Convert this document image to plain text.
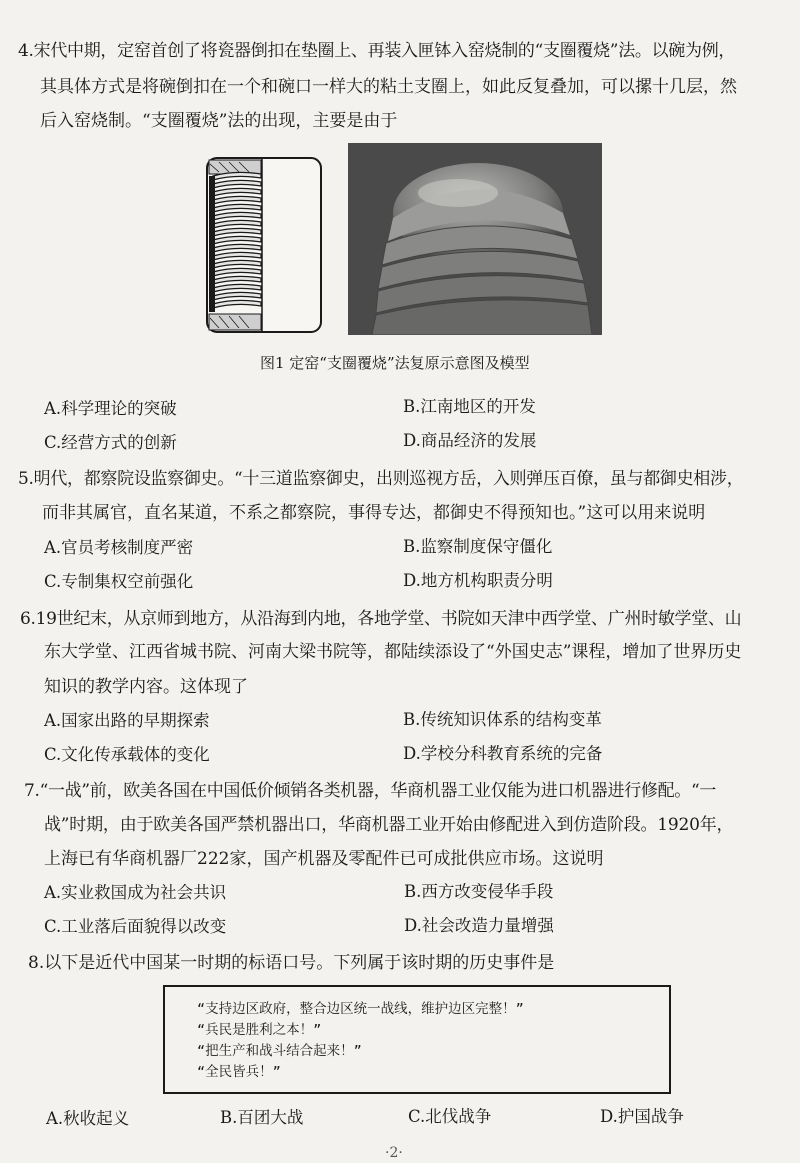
4.宋代中期，定窑首创了将瓷器倒扣在垫圈上、再装入匣钵入窑烧制的“支圈覆烧”法。以碗为例，
其具体方式是将碗倒扣在一个和碗口一样大的粘土支圈上，如此反复叠加，可以摞十几层，然
后入窑烧制。“支圈覆烧”法的出现，主要是由于
图1 定窑“支圈覆烧”法复原示意图及模型
A.科学理论的突破	B.江南地区的开发
C.经营方式的创新	D.商品经济的发展
5.明代，都察院设监察御史。“十三道监察御史，出则巡视方岳，入则弹压百僚，虽与都御史相涉，
而非其属官，直名某道，不系之都察院，事得专达，都御史不得预知也。”这可以用来说明
A.官员考核制度严密	B.监察制度保守僵化
C.专制集权空前强化	D.地方机构职责分明
6.19世纪末，从京师到地方，从沿海到内地，各地学堂、书院如天津中西学堂、广州时敏学堂、山
东大学堂、江西省城书院、河南大梁书院等，都陆续添设了“外国史志”课程，增加了世界历史
知识的教学内容。这体现了
A.国家出路的早期探索	B.传统知识体系的结构变革
C.文化传承载体的变化	D.学校分科教育系统的完备
7.“一战”前，欧美各国在中国低价倾销各类机器，华商机器工业仅能为进口机器进行修配。“一
战”时期，由于欧美各国严禁机器出口，华商机器工业开始由修配进入到仿造阶段。1920年，
上海已有华商机器厂222家，国产机器及零配件已可成批供应市场。这说明
A.实业救国成为社会共识	B.西方改变侵华手段
C.工业落后面貌得以改变	D.社会改造力量增强
8.以下是近代中国某一时期的标语口号。下列属于该时期的历史事件是
“支持边区政府，整合边区统一战线，维护边区完整！”
“兵民是胜利之本！”
“把生产和战斗结合起来！”
“全民皆兵！”
A.秋收起义	B.百团大战	C.北伐战争	D.护国战争
·2·
